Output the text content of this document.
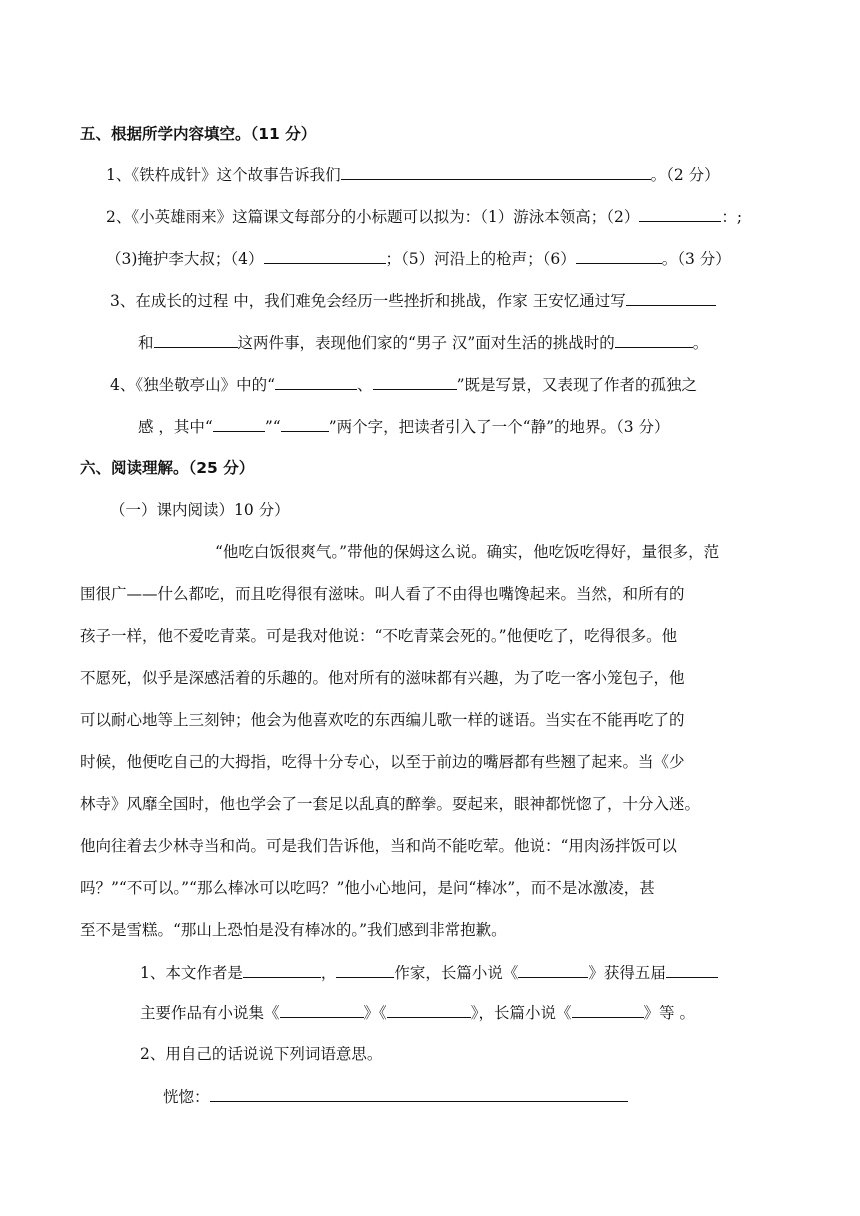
五、根据所学内容填空。（11 分）
1、《铁杵成针》这个故事告诉我们	。（2 分）
2、《小英雄雨来》这篇课文每部分的小标题可以拟为：（1）游泳本领高；（2）	：;
（3)掩护李大叔；（4）	；（5）河沿上的枪声；（6）	。（3 分）
3、在成长的过程 中，我们难免会经历一些挫折和挑战，作家 王安忆通过写
和	这两件事，表现他们家的“男子 汉”面对生活的挑战时的	。
4、《独坐敬亭山》中的“	、	”既是写景，又表现了作者的孤独之
感 ，其中“	”“	”两个字，把读者引入了一个“静”的地界。（3 分）
六、阅读理解。（25 分）
（一）课内阅读）10 分）
“他吃白饭很爽气。”带他的保姆这么说。确实，他吃饭吃得好，量很多，范
围很广——什么都吃，而且吃得很有滋味。叫人看了不由得也嘴馋起来。当然，和所有的
孩子一样，他不爱吃青菜。可是我对他说：“不吃青菜会死的。”他便吃了，吃得很多。他
不愿死，似乎是深感活着的乐趣的。他对所有的滋味都有兴趣，为了吃一客小笼包子，他
可以耐心地等上三刻钟；他会为他喜欢吃的东西编儿歌一样的谜语。当实在不能再吃了的
时候，他便吃自己的大拇指，吃得十分专心，以至于前边的嘴唇都有些翘了起来。当《少
林寺》风靡全国时，他也学会了一套足以乱真的醉拳。耍起来，眼神都恍惚了，十分入迷。
他向往着去少林寺当和尚。可是我们告诉他，当和尚不能吃荤。他说：“用肉汤拌饭可以
吗？”“不可以。”“那么棒冰可以吃吗？”他小心地问，是问“棒冰”，而不是冰激凌，甚
至不是雪糕。“那山上恐怕是没有棒冰的。”我们感到非常抱歉。
1、本文作者是	，	作家，长篇小说《	》获得五届
主要作品有小说集《	》《	》，长篇小说《	》等 。
2、用自己的话说说下列词语意思。
恍惚：
